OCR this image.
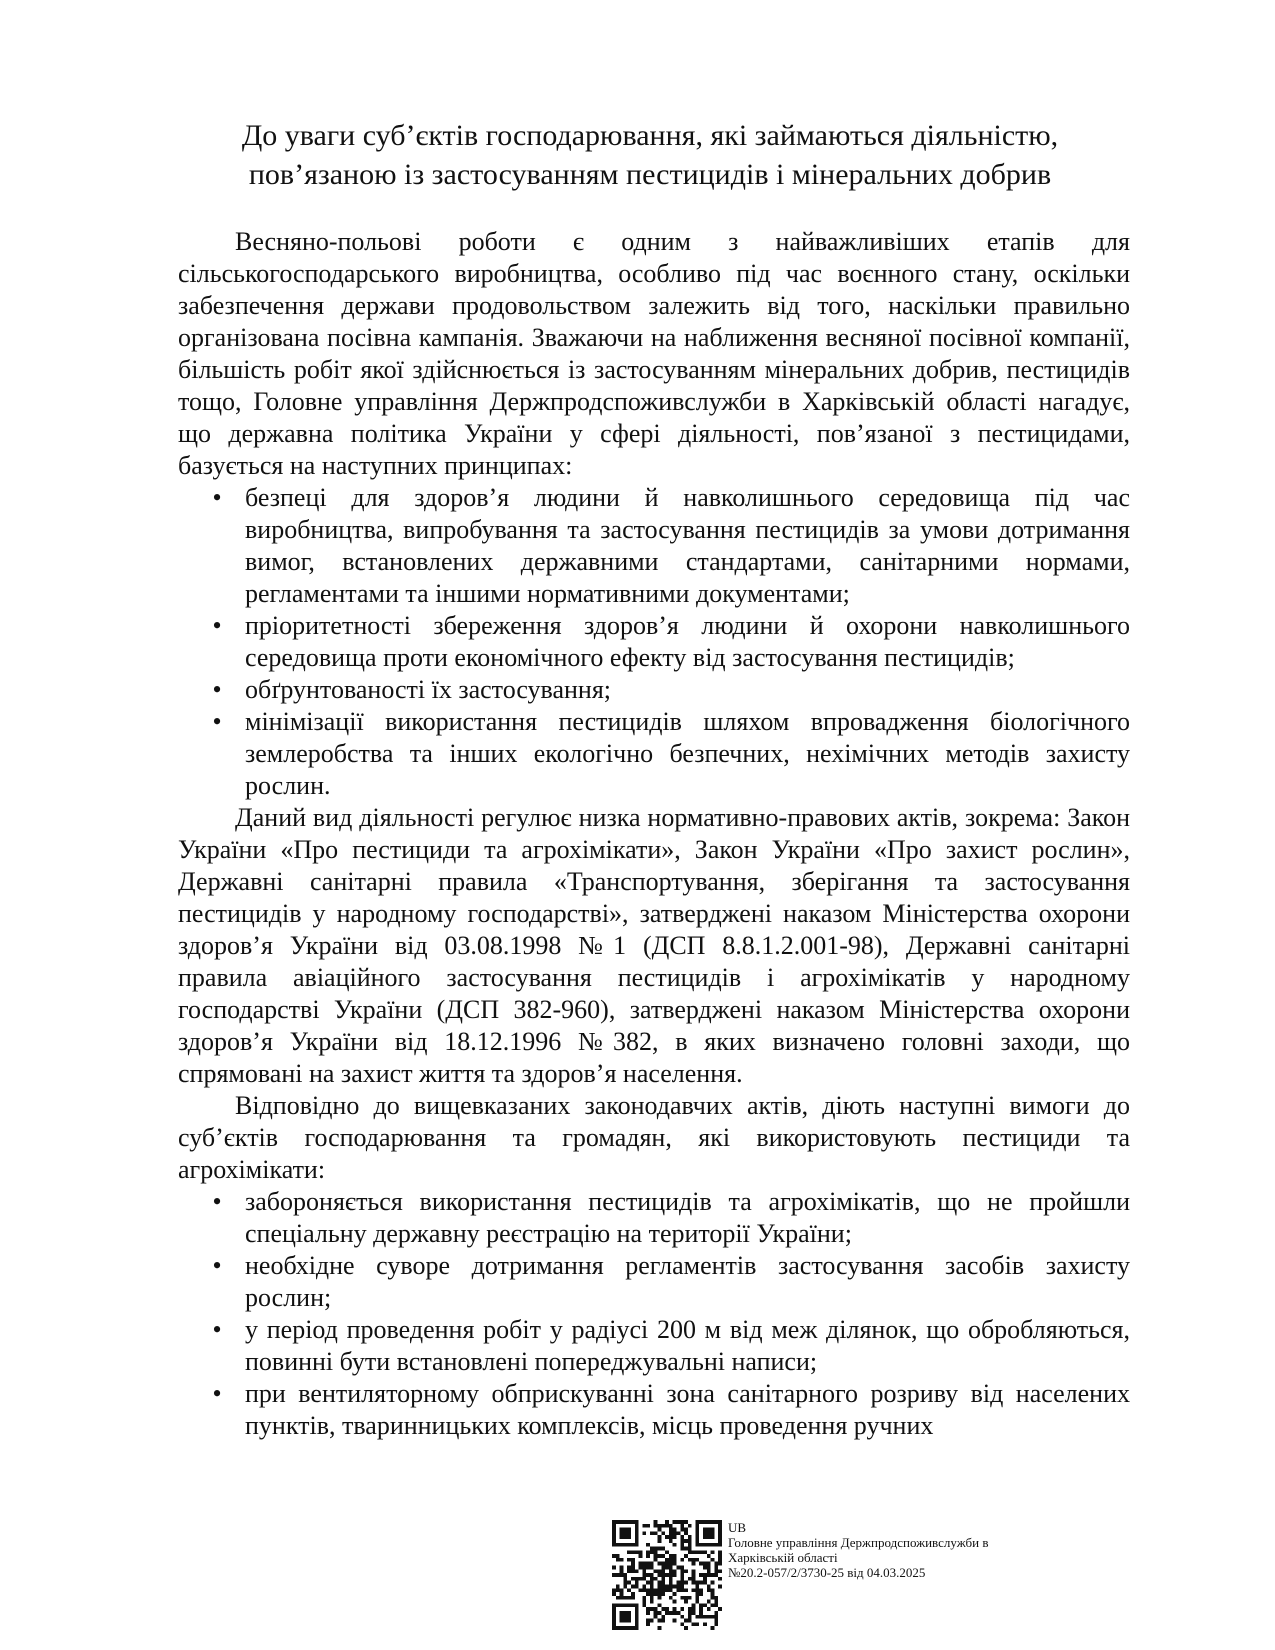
До уваги суб’єктів господарювання, які займаються діяльністю,
пов’язаною із застосуванням пестицидів і мінеральних добрив

Весняно-польові роботи є одним з найважливіших етапів для сільськогосподарського виробництва, особливо під час воєнного стану, оскільки забезпечення держави продовольством залежить від того, наскільки правильно організована посівна кампанія. Зважаючи на наближення весняної посівної компанії, більшість робіт якої здійснюється із застосуванням мінеральних добрив, пестицидів тощо, Головне управління Держпродспоживслужби в Харківській області нагадує, що державна політика України у сфері діяльності, пов’язаної з пестицидами, базується на наступних принципах:

• безпеці для здоров’я людини й навколишнього середовища під час виробництва, випробування та застосування пестицидів за умови дотримання вимог, встановлених державними стандартами, санітарними нормами, регламентами та іншими нормативними документами;
• пріоритетності збереження здоров’я людини й охорони навколишнього середовища проти економічного ефекту від застосування пестицидів;
• обґрунтованості їх застосування;
• мінімізації використання пестицидів шляхом впровадження біологічного землеробства та інших екологічно безпечних, нехімічних методів захисту рослин.

Даний вид діяльності регулює низка нормативно-правових актів, зокрема: Закон України «Про пестициди та агрохімікати», Закон України «Про захист рослин», Державні санітарні правила «Транспортування, зберігання та застосування пестицидів у народному господарстві», затверджені наказом Міністерства охорони здоров’я України від 03.08.1998 №1 (ДСП 8.8.1.2.001-98), Державні санітарні правила авіаційного застосування пестицидів і агрохімікатів у народному господарстві України (ДСП 382-960), затверджені наказом Міністерства охорони здоров’я України від 18.12.1996 №382, в яких визначено головні заходи, що спрямовані на захист життя та здоров’я населення.

Відповідно до вищевказаних законодавчих актів, діють наступні вимоги до суб’єктів господарювання та громадян, які використовують пестициди та агрохімікати:

• забороняється використання пестицидів та агрохімікатів, що не пройшли спеціальну державну реєстрацію на території України;
• необхідне суворе дотримання регламентів застосування засобів захисту рослин;
• у період проведення робіт у радіусі 200 м від меж ділянок, що обробляються, повинні бути встановлені попереджувальні написи;
• при вентиляторному обприскуванні зона санітарного розриву від населених пунктів, тваринницьких комплексів, місць проведення ручних
UB
Головне управління Держпродспоживслужби в
Харківській області
№20.2-057/2/3730-25 від 04.03.2025
